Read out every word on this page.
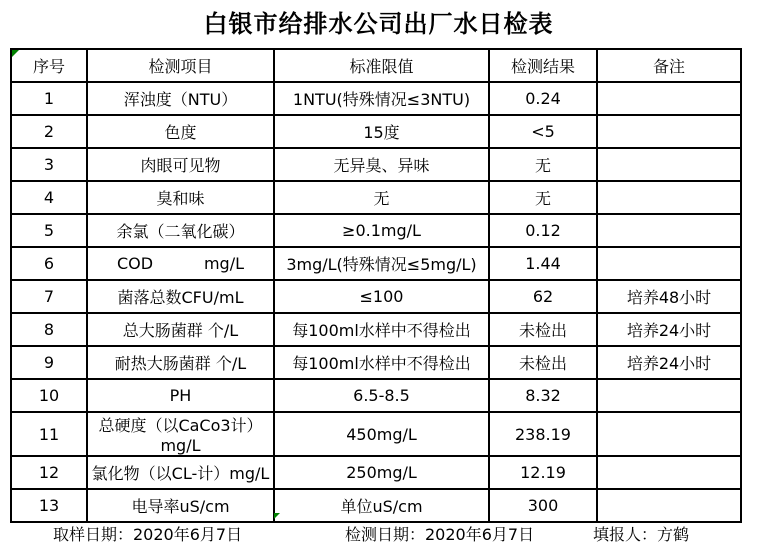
白银市给排水公司出厂水日检表
序号	检测项目	标准限值	检测结果	备注
1	浑浊度（NTU）	1NTU(特殊情况≤3NTU)	0.24	
2	色度	15度	<5	
3	肉眼可见物	无异臭、异味	无	
4	臭和味	无	无	
5	余氯（二氧化碳）	≥0.1mg/L	0.12	
6	COD          mg/L	3mg/L(特殊情况≤5mg/L)	1.44	
7	菌落总数CFU/mL	≤100	62	培养48小时
8	总大肠菌群 个/L	每100ml水样中不得检出	未检出	培养24小时
9	耐热大肠菌群 个/L	每100ml水样中不得检出	未检出	培养24小时
10	PH	6.5-8.5	8.32	
11	总硬度（以CaCo3计）mg/L	450mg/L	238.19	
12	氯化物（以CL-计）mg/L	250mg/L	12.19	
13	电导率uS/cm	单位uS/cm	300	
取样日期：2020年6月7日	检测日期：2020年6月7日	填报人：方鹤
